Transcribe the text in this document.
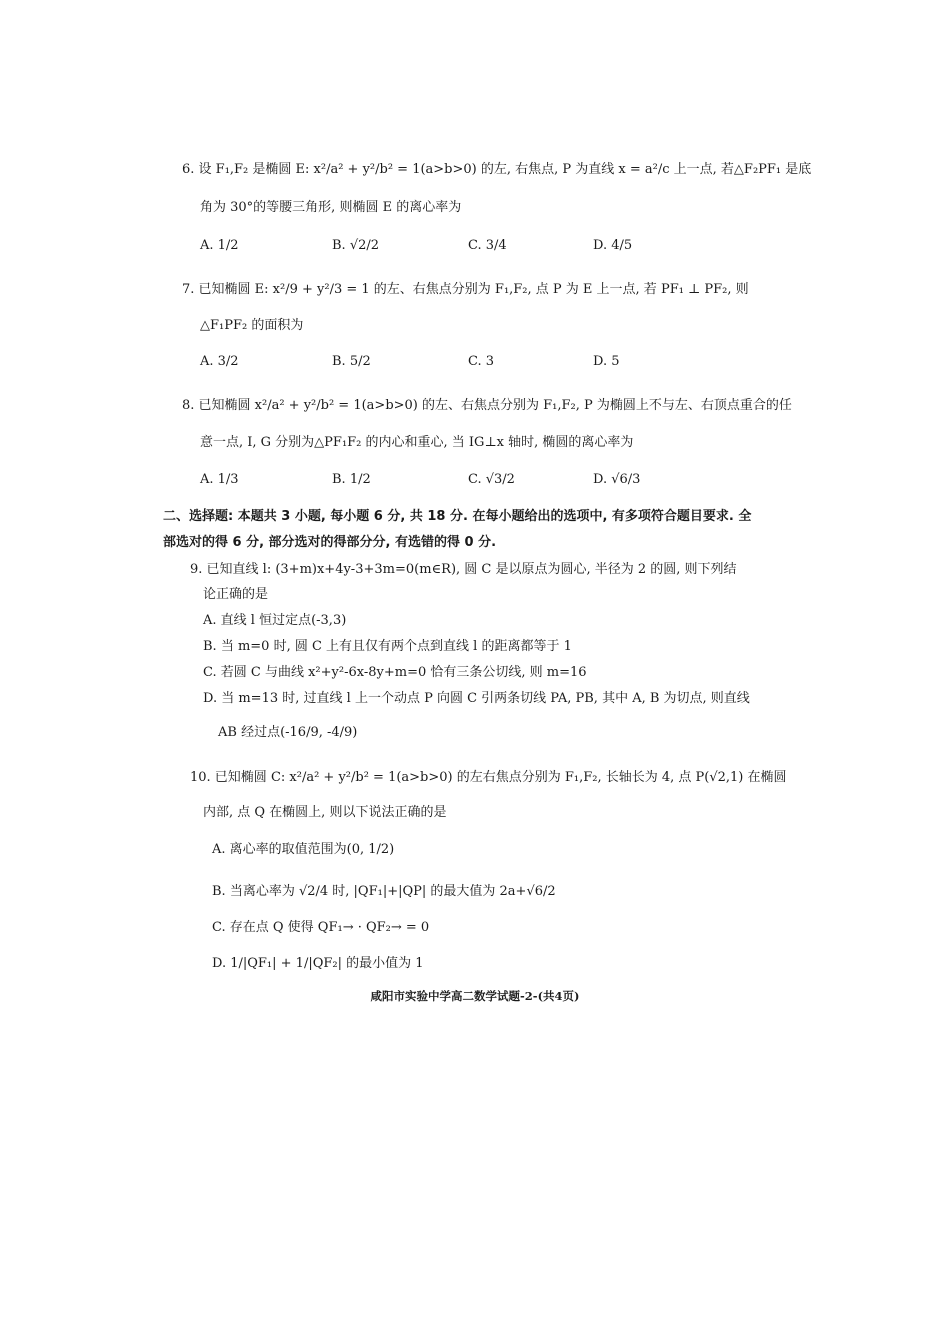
6. 设 F₁,F₂ 是椭圆 E: x²/a² + y²/b² = 1(a>b>0) 的左, 右焦点, P 为直线 x = a²/c 上一点, 若△F₂PF₁ 是底
角为 30°的等腰三角形, 则椭圆 E 的离心率为
A. 1/2	B. √2/2	C. 3/4	D. 4/5
7. 已知椭圆 E: x²/9 + y²/3 = 1 的左、右焦点分别为 F₁,F₂, 点 P 为 E 上一点, 若 PF₁ ⊥ PF₂, 则
△F₁PF₂ 的面积为
A. 3/2	B. 5/2	C. 3	D. 5
8. 已知椭圆 x²/a² + y²/b² = 1(a>b>0) 的左、右焦点分别为 F₁,F₂, P 为椭圆上不与左、右顶点重合的任
意一点, I, G 分别为△PF₁F₂ 的内心和重心, 当 IG⊥x 轴时, 椭圆的离心率为
A. 1/3	B. 1/2	C. √3/2	D. √6/3
二、选择题: 本题共 3 小题, 每小题 6 分, 共 18 分. 在每小题给出的选项中, 有多项符合题目要求. 全
部选对的得 6 分, 部分选对的得部分分, 有选错的得 0 分.
9. 已知直线 l: (3+m)x+4y-3+3m=0(m∈R), 圆 C 是以原点为圆心, 半径为 2 的圆, 则下列结
论正确的是
A. 直线 l 恒过定点(-3,3)
B. 当 m=0 时, 圆 C 上有且仅有两个点到直线 l 的距离都等于 1
C. 若圆 C 与曲线 x²+y²-6x-8y+m=0 恰有三条公切线, 则 m=16
D. 当 m=13 时, 过直线 l 上一个动点 P 向圆 C 引两条切线 PA, PB, 其中 A, B 为切点, 则直线
AB 经过点(-16/9, -4/9)
10. 已知椭圆 C: x²/a² + y²/b² = 1(a>b>0) 的左右焦点分别为 F₁,F₂, 长轴长为 4, 点 P(√2,1) 在椭圆
内部, 点 Q 在椭圆上, 则以下说法正确的是
A. 离心率的取值范围为(0, 1/2)
B. 当离心率为 √2/4 时, |QF₁|+|QP| 的最大值为 2a+√6/2
C. 存在点 Q 使得 QF₁→ · QF₂→ = 0
D. 1/|QF₁| + 1/|QF₂| 的最小值为 1
咸阳市实验中学高二数学试题-2-(共4页)
